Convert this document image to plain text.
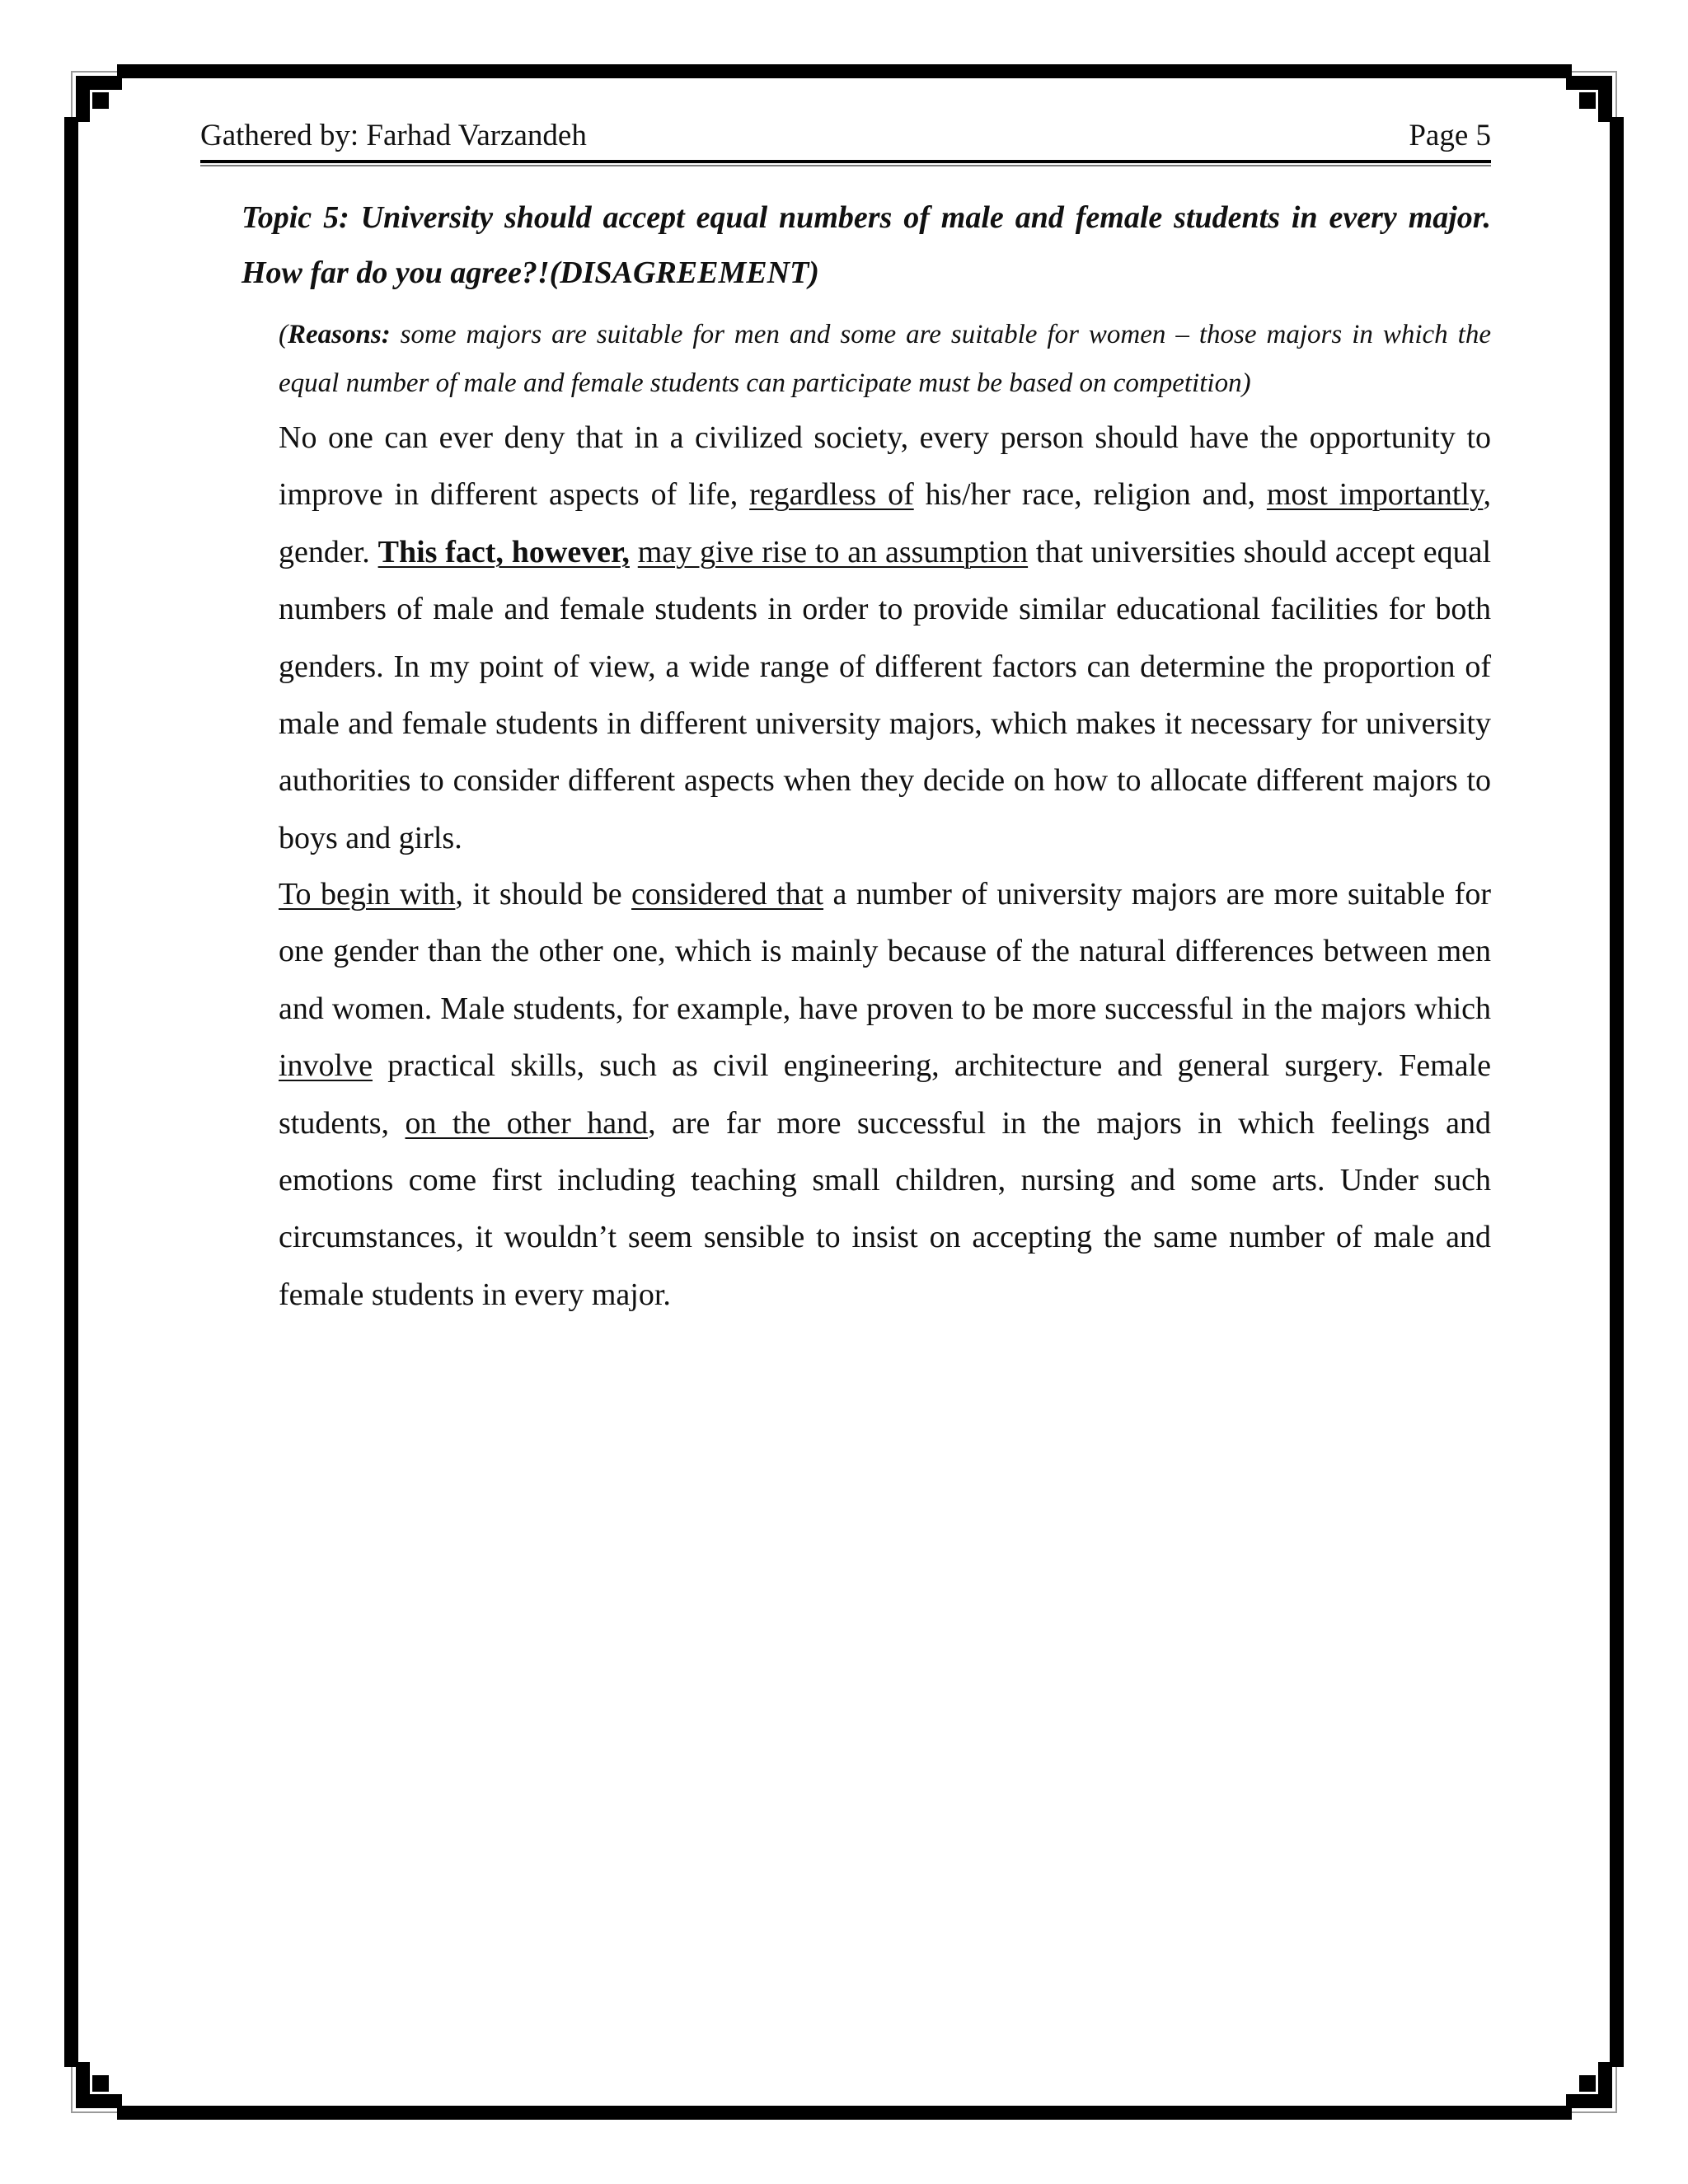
Gathered by: Farhad Varzandeh	Page 5

Topic 5: University should accept equal numbers of male and female students in every major. How far do you agree?!(DISAGREEMENT)

(Reasons: some majors are suitable for men and some are suitable for women – those majors in which the equal number of male and female students can participate must be based on competition)

No one can ever deny that in a civilized society, every person should have the opportunity to improve in different aspects of life, regardless of his/her race, religion and, most importantly, gender. This fact, however, may give rise to an assumption that universities should accept equal numbers of male and female students in order to provide similar educational facilities for both genders. In my point of view, a wide range of different factors can determine the proportion of male and female students in different university majors, which makes it necessary for university authorities to consider different aspects when they decide on how to allocate different majors to boys and girls.

To begin with, it should be considered that a number of university majors are more suitable for one gender than the other one, which is mainly because of the natural differences between men and women. Male students, for example, have proven to be more successful in the majors which involve practical skills, such as civil engineering, architecture and general surgery. Female students, on the other hand, are far more successful in the majors in which feelings and emotions come first including teaching small children, nursing and some arts. Under such circumstances, it wouldn’t seem sensible to insist on accepting the same number of male and female students in every major.
